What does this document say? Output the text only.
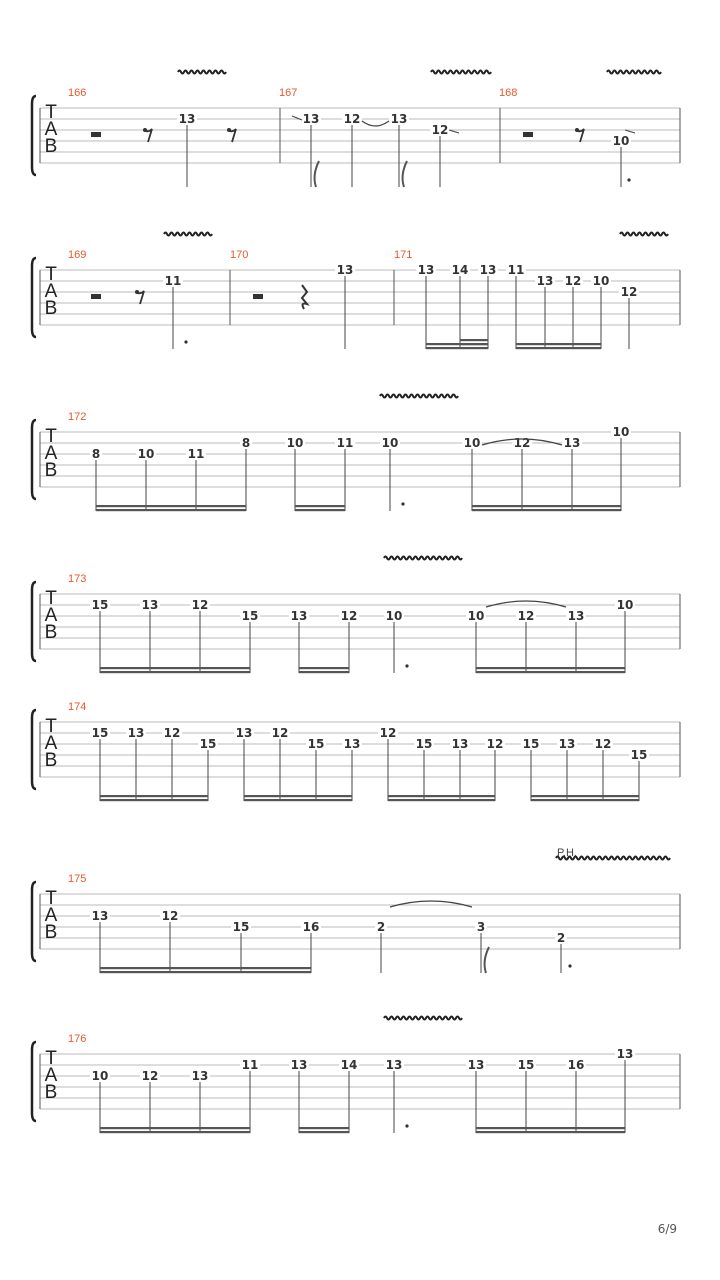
T
A
B
166	167	168
13	13 12	13
12
10
T
A
B
169	170	171
11
13	13 14 13 11
13 12 10
12
T
A
B
172
8	10	11
8	10	11 10	10	12	13
10
T
A
B
173
15	13	12
15	13	12 10	10	12	13
10
T
A
B
174
15 13 12
15
13 12
15 13
12
15 13 12 15 13 12
15
T
A
B
175
13	12
15	16	2	3
2
P.H.
T
A
B
176
10	12	13
11	13	14 13	13	15	16
13
6/9
